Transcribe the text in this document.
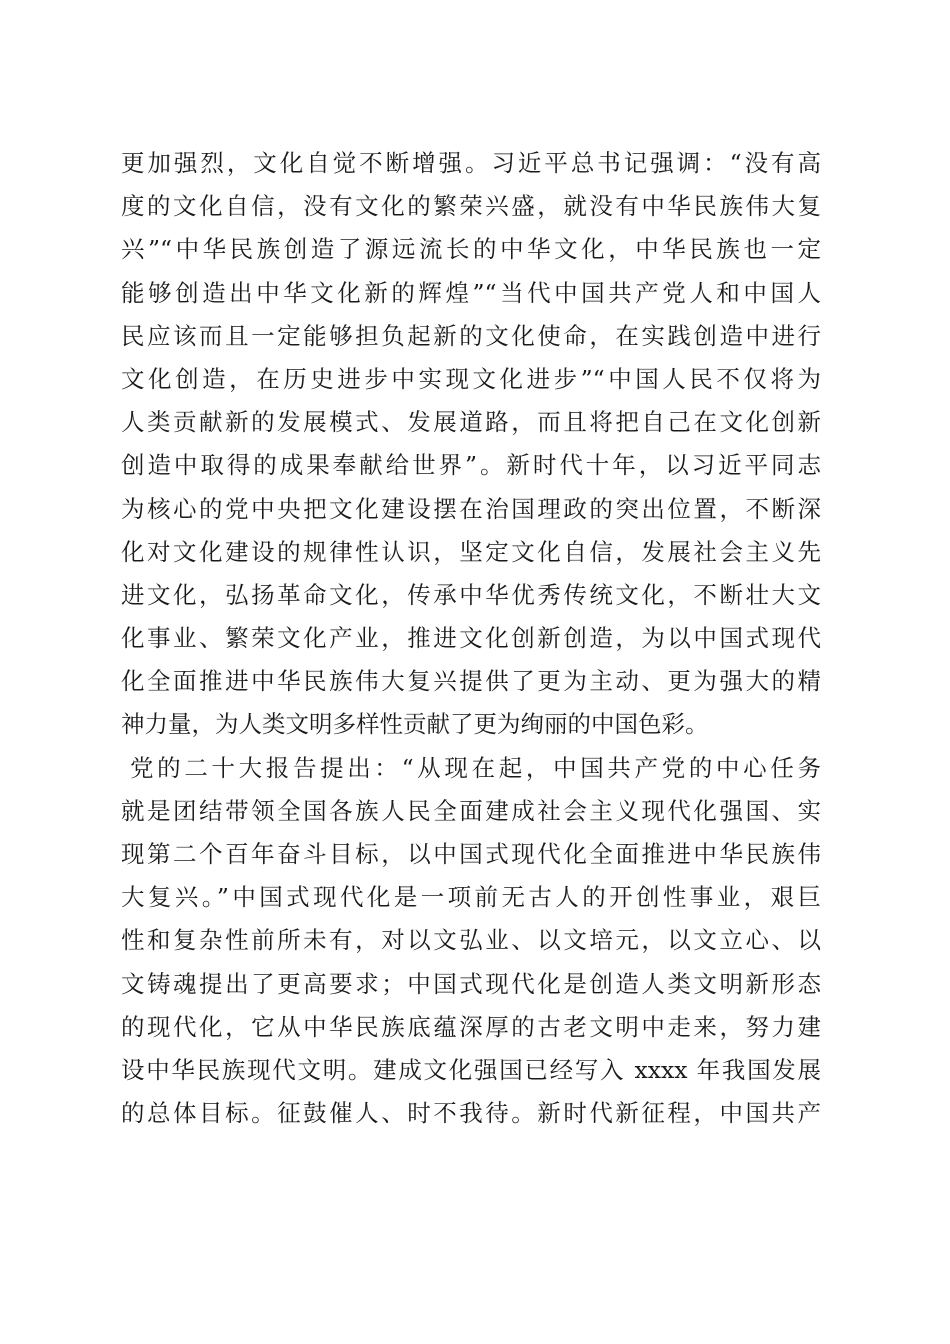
更加强烈，文化自觉不断增强。习近平总书记强调：“没有高
度的文化自信，没有文化的繁荣兴盛，就没有中华民族伟大复
兴”“中华民族创造了源远流长的中华文化，中华民族也一定
能够创造出中华文化新的辉煌”“当代中国共产党人和中国人
民应该而且一定能够担负起新的文化使命，在实践创造中进行
文化创造，在历史进步中实现文化进步”“中国人民不仅将为
人类贡献新的发展模式、发展道路，而且将把自己在文化创新
创造中取得的成果奉献给世界”。新时代十年，以习近平同志
为核心的党中央把文化建设摆在治国理政的突出位置，不断深
化对文化建设的规律性认识，坚定文化自信，发展社会主义先
进文化，弘扬革命文化，传承中华优秀传统文化，不断壮大文
化事业、繁荣文化产业，推进文化创新创造，为以中国式现代
化全面推进中华民族伟大复兴提供了更为主动、更为强大的精
神力量，为人类文明多样性贡献了更为绚丽的中国色彩。
党的二十大报告提出：“从现在起，中国共产党的中心任务
就是团结带领全国各族人民全面建成社会主义现代化强国、实
现第二个百年奋斗目标，以中国式现代化全面推进中华民族伟
大复兴。”中国式现代化是一项前无古人的开创性事业，艰巨
性和复杂性前所未有，对以文弘业、以文培元，以文立心、以
文铸魂提出了更高要求；中国式现代化是创造人类文明新形态
的现代化，它从中华民族底蕴深厚的古老文明中走来，努力建
设中华民族现代文明。建成文化强国已经写入 xxxx 年我国发展
的总体目标。征鼓催人、时不我待。新时代新征程，中国共产
